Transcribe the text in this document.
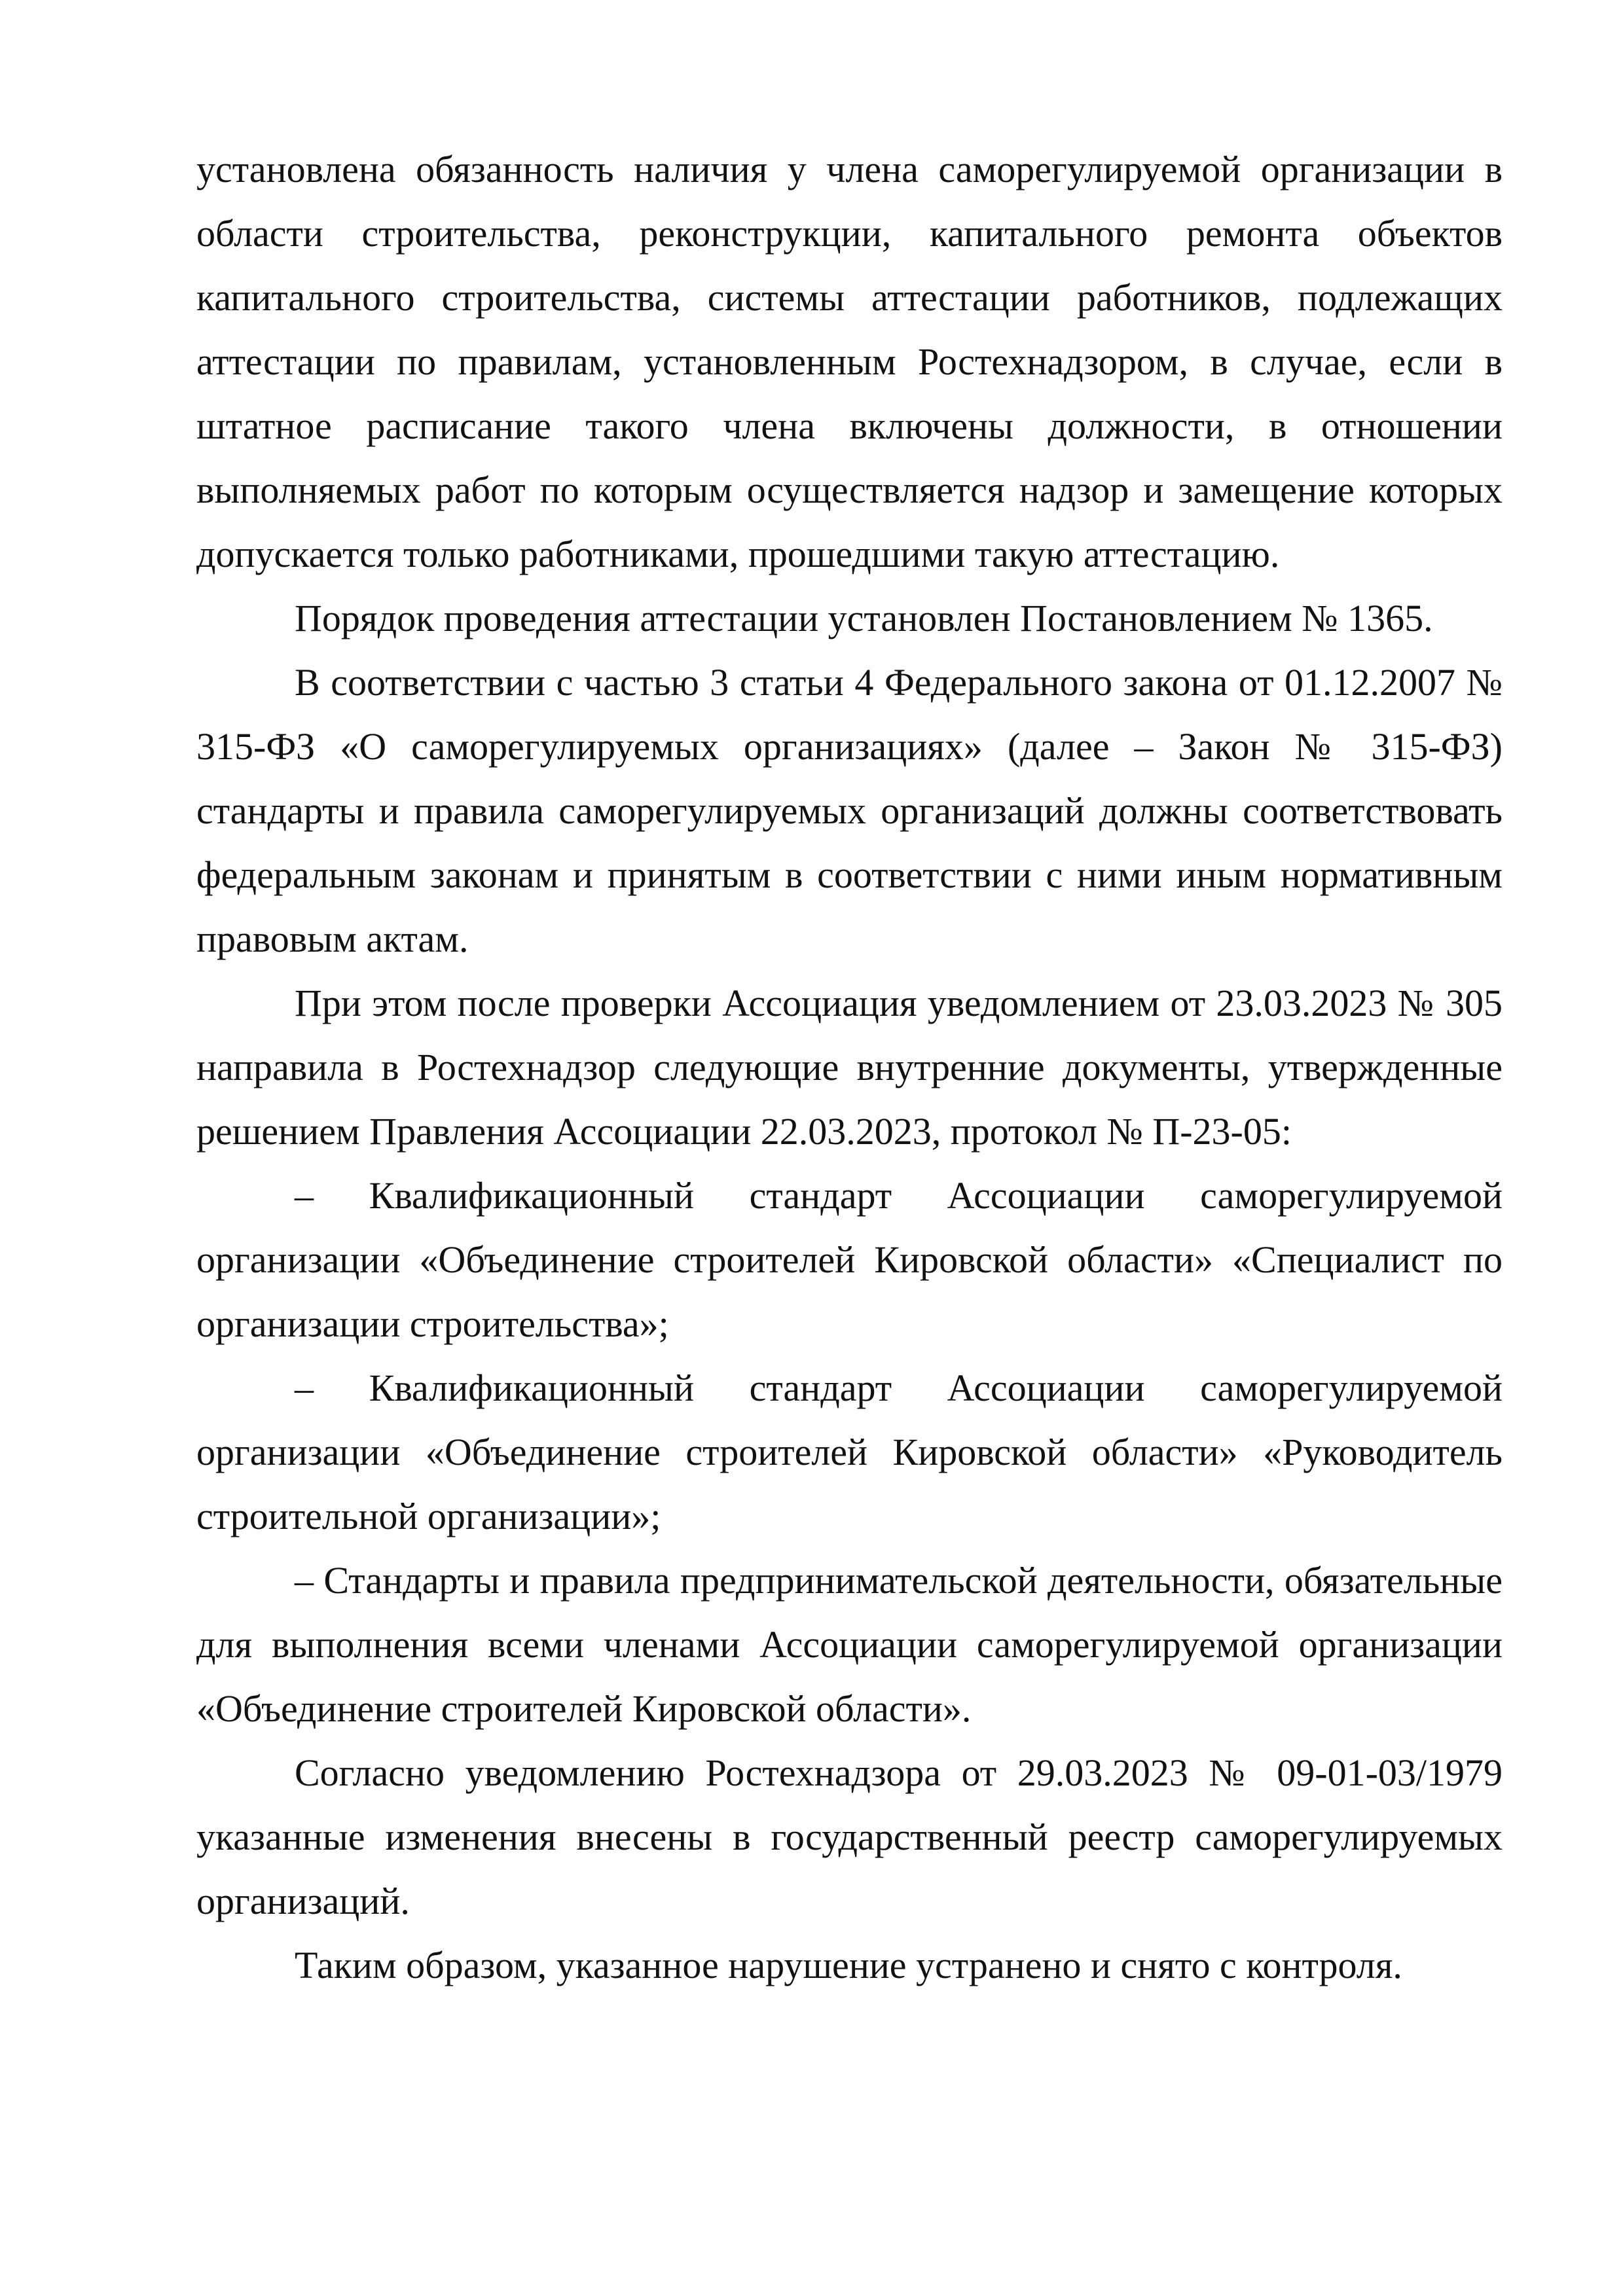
установлена обязанность наличия у члена саморегулируемой организации в области строительства, реконструкции, капитального ремонта объектов капитального строительства, системы аттестации работников, подлежащих аттестации по правилам, установленным Ростехнадзором, в случае, если в штатное расписание такого члена включены должности, в отношении выполняемых работ по которым осуществляется надзор и замещение которых допускается только работниками, прошедшими такую аттестацию.

Порядок проведения аттестации установлен Постановлением № 1365.

В соответствии с частью 3 статьи 4 Федерального закона от 01.12.2007 № 315-ФЗ «О саморегулируемых организациях» (далее – Закон № 315-ФЗ) стандарты и правила саморегулируемых организаций должны соответствовать федеральным законам и принятым в соответствии с ними иным нормативным правовым актам.

При этом после проверки Ассоциация уведомлением от 23.03.2023 № 305 направила в Ростехнадзор следующие внутренние документы, утвержденные решением Правления Ассоциации 22.03.2023, протокол № П-23-05:

– Квалификационный стандарт Ассоциации саморегулируемой организации «Объединение строителей Кировской области» «Специалист по организации строительства»;

– Квалификационный стандарт Ассоциации саморегулируемой организации «Объединение строителей Кировской области» «Руководитель строительной организации»;

– Стандарты и правила предпринимательской деятельности, обязательные для выполнения всеми членами Ассоциации саморегулируемой организации «Объединение строителей Кировской области».

Согласно уведомлению Ростехнадзора от 29.03.2023 № 09-01-03/1979 указанные изменения внесены в государственный реестр саморегулируемых организаций.

Таким образом, указанное нарушение устранено и снято с контроля.
